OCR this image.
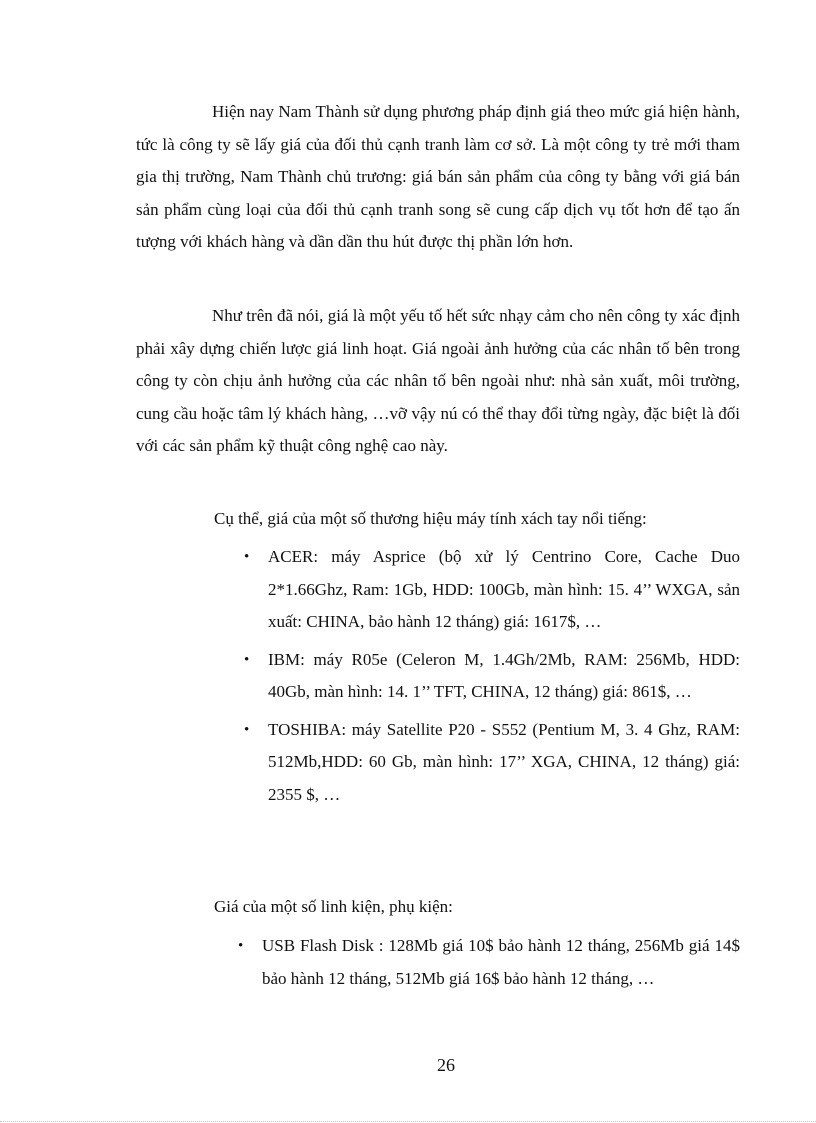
Hiện nay Nam Thành sử dụng phương pháp định giá theo mức giá hiện hành, tức là công ty sẽ lấy giá của đối thủ cạnh tranh làm cơ sở. Là một công ty trẻ mới tham gia thị trường, Nam Thành chủ trương: giá bán sản phẩm của công ty bằng với giá bán sản phẩm cùng loại của đối thủ cạnh tranh song sẽ cung cấp dịch vụ tốt hơn để tạo ấn tượng với khách hàng và dần dần thu hút được thị phần lớn hơn.

Như trên đã nói, giá là một yếu tố hết sức nhạy cảm cho nên công ty xác định phải xây dựng chiến lược giá linh hoạt. Giá ngoài ảnh hưởng của các nhân tố bên trong công ty còn chịu ảnh hưởng của các nhân tố bên ngoài như: nhà sản xuất, môi trường, cung cầu hoặc tâm lý khách hàng, …vỡ vậy nú có thể thay đổi từng ngày, đặc biệt là đối với các sản phẩm kỹ thuật công nghệ cao này.

Cụ thể, giá của một số thương hiệu máy tính xách tay nổi tiếng:

• ACER: máy Asprice (bộ xử lý Centrino Core, Cache Duo 2*1.66Ghz, Ram: 1Gb, HDD: 100Gb, màn hình: 15. 4’’ WXGA, sản xuất: CHINA, bảo hành 12 tháng) giá: 1617$, …
• IBM: máy R05e (Celeron M, 1.4Gh/2Mb, RAM: 256Mb, HDD: 40Gb, màn hình: 14. 1’’ TFT, CHINA, 12 tháng) giá: 861$, …
• TOSHIBA: máy Satellite P20 - S552 (Pentium M, 3. 4 Ghz, RAM: 512Mb,HDD: 60 Gb, màn hình: 17’’ XGA, CHINA, 12 tháng) giá: 2355 $, …

Giá của một số linh kiện, phụ kiện:

• USB Flash Disk : 128Mb giá 10$ bảo hành 12 tháng, 256Mb giá 14$ bảo hành 12 tháng, 512Mb giá 16$ bảo hành 12 tháng, …
26
